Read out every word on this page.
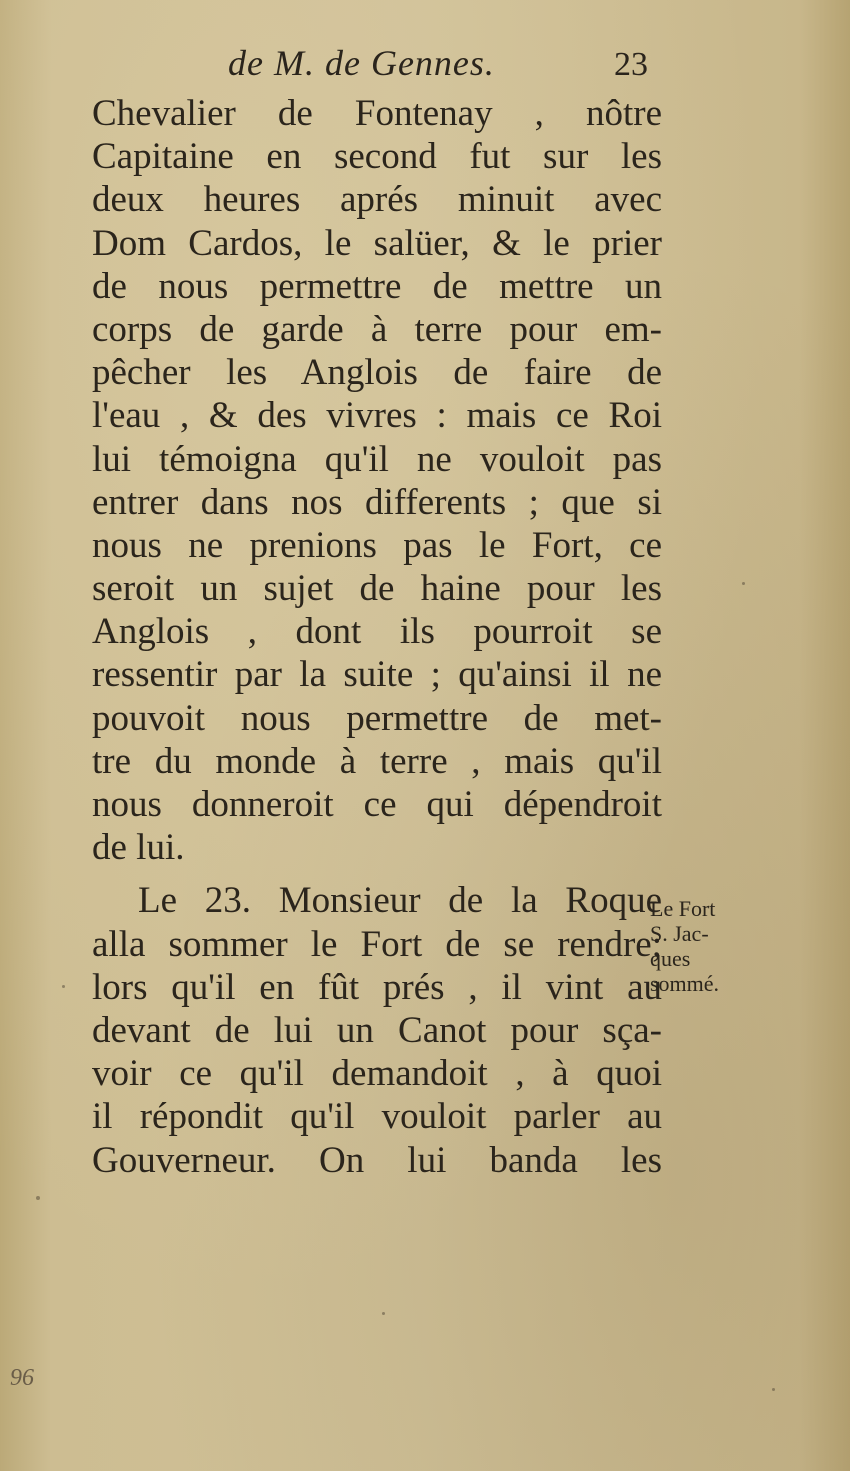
de M. de Gennes.	23
Chevalier de Fontenay , nôtre
Capitaine en second fut sur les
deux heures aprés minuit avec
Dom Cardos, le salüer, & le prier
de nous permettre de mettre un
corps de garde à terre pour em-
pêcher les Anglois de faire de
l'eau , & des vivres : mais ce Roi
lui témoigna qu'il ne vouloit pas
entrer dans nos differents ; que si
nous ne prenions pas le Fort, ce
seroit un sujet de haine pour les
Anglois , dont ils pourroit se
ressentir par la suite ; qu'ainsi il ne
pouvoit nous permettre de met-
tre du monde à terre , mais qu'il
nous donneroit ce qui dépendroit
de lui.
Le 23. Monsieur de la Roque
alla sommer le Fort de se rendre;
lors qu'il en fût prés , il vint au
devant de lui un Canot pour sça-
voir ce qu'il demandoit , à quoi
il répondit qu'il vouloit parler au
Gouverneur. On lui banda les
Le Fort
S. Jac-
ques
sommé.
96
